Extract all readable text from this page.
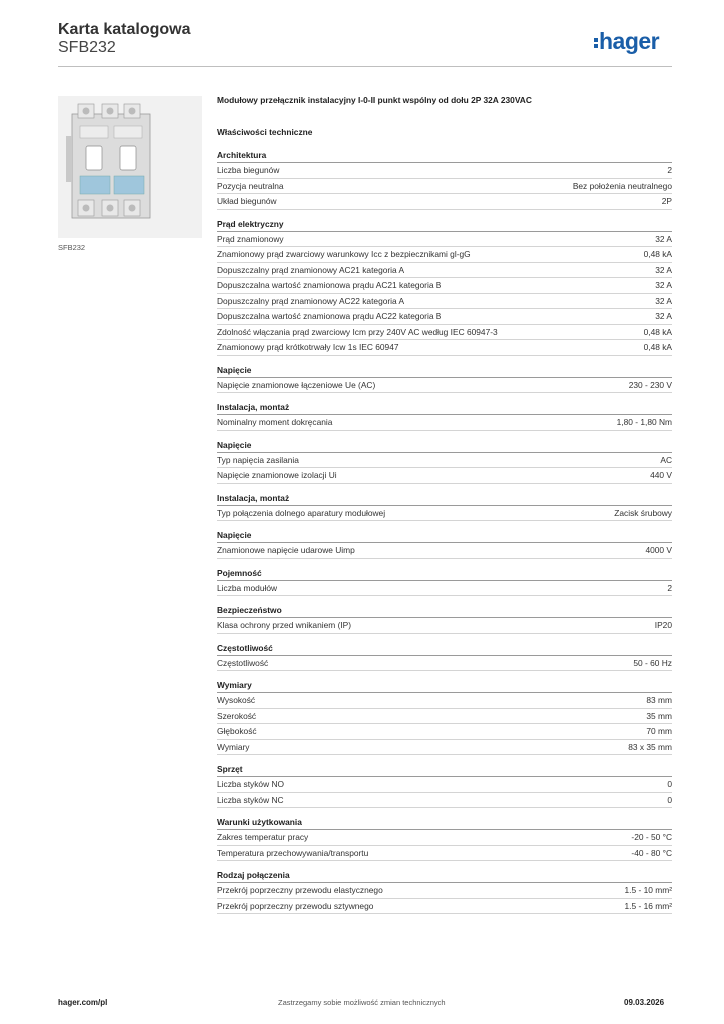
Karta katalogowa
SFB232	hager
SFB232
Modułowy przełącznik instalacyjny I-0-II punkt wspólny od dołu 2P 32A 230VAC
Właściwości techniczne
Architektura
Liczba biegunów	2
Pozycja neutralna	Bez położenia neutralnego
Układ biegunów	2P
Prąd elektryczny
Prąd znamionowy	32 A
Znamionowy prąd zwarciowy warunkowy Icc z bezpiecznikami gl-gG	0,48 kA
Dopuszczalny prąd znamionowy AC21 kategoria A	32 A
Dopuszczalna wartość znamionowa prądu AC21 kategoria B	32 A
Dopuszczalny prąd znamionowy AC22 kategoria A	32 A
Dopuszczalna wartość znamionowa prądu AC22 kategoria B	32 A
Zdolność włączania prąd zwarciowy Icm przy 240V AC według IEC 60947-3	0,48 kA
Znamionowy prąd krótkotrwały Icw 1s IEC 60947	0,48 kA
Napięcie
Napięcie znamionowe łączeniowe Ue (AC)	230 - 230 V
Instalacja, montaż
Nominalny moment dokręcania	1,80 - 1,80 Nm
Napięcie
Typ napięcia zasilania	AC
Napięcie znamionowe izolacji Ui	440 V
Instalacja, montaż
Typ połączenia dolnego aparatury modułowej	Zacisk śrubowy
Napięcie
Znamionowe napięcie udarowe Uimp	4000 V
Pojemność
Liczba modułów	2
Bezpieczeństwo
Klasa ochrony przed wnikaniem (IP)	IP20
Częstotliwość
Częstotliwość	50 - 60 Hz
Wymiary
Wysokość	83 mm
Szerokość	35 mm
Głębokość	70 mm
Wymiary	83 x 35 mm
Sprzęt
Liczba styków NO	0
Liczba styków NC	0
Warunki użytkowania
Zakres temperatur pracy	-20 - 50 °C
Temperatura przechowywania/transportu	-40 - 80 °C
Rodzaj połączenia
Przekrój poprzeczny przewodu elastycznego	1.5 - 10 mm²
Przekrój poprzeczny przewodu sztywnego	1.5 - 16 mm²
hager.com/pl	Zastrzegamy sobie możliwość zmian technicznych	09.03.2026
